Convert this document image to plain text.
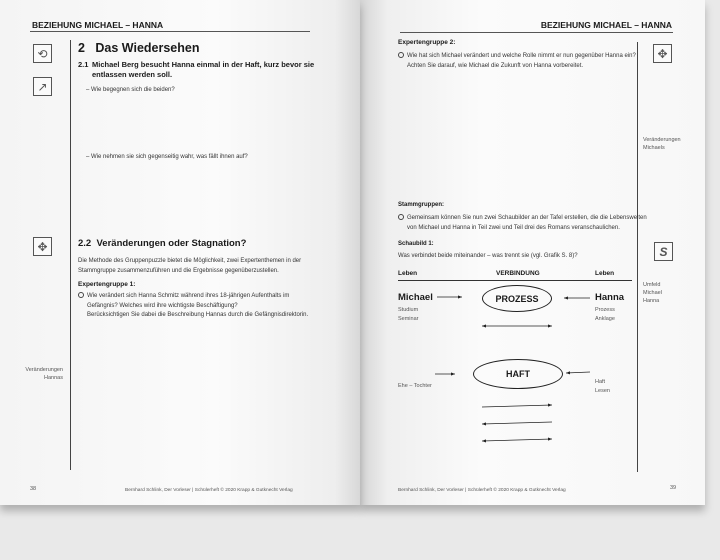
BEZIEHUNG MICHAEL – HANNA
⟲
↗
✥
2 Das Wiedersehen
2.1 Michael Berg besucht Hanna einmal in der Haft, kurz bevor sie
entlassen werden soll.
– Wie begegnen sich die beiden?
– Wie nehmen sie sich gegenseitig wahr, was fällt ihnen auf?
2.2 Veränderungen oder Stagnation?
Die Methode des Gruppenpuzzle bietet die Möglichkeit, zwei Expertenthemen in der
Stammgruppe zusammenzuführen und die Ergebnisse gegenüberzustellen.
Expertengruppe 1:
Wie verändert sich Hanna Schmitz während ihres 18-jährigen Aufenthalts im
Gefängnis? Welches wird ihre wichtigste Beschäftigung?
Berücksichtigen Sie dabei die Beschreibung Hannas durch die Gefängnisdirektorin.
Veränderungen
Hannas
38	Bernhard Schlink, Der Vorleser | Schülerheft © 2020 Krapp & Gutknecht Verlag
BEZIEHUNG MICHAEL – HANNA
✥
S
Expertengruppe 2:
Wie hat sich Michael verändert und welche Rolle nimmt er nun gegenüber Hanna ein?
Achten Sie darauf, wie Michael die Zukunft von Hanna vorbereitet.
Veränderungen
Michaels
Stammgruppen:
Gemeinsam können Sie nun zwei Schaubilder an der Tafel erstellen, die die Lebenswelten
von Michael und Hanna in Teil zwei und Teil drei des Romans veranschaulichen.
Schaubild 1:
Was verbindet beide miteinander – was trennt sie (vgl. Grafik S. 8)?
Leben	VERBINDUNG	Leben
Michael
Studium
Seminar
PROZESS	Hanna
Prozess
Anklage
HAFT
Ehe – Tochter
Haft
Lesen
Umfeld
Michael
Hanna
39
Bernhard Schlink, Der Vorleser | Schülerheft © 2020 Krapp & Gutknecht Verlag
